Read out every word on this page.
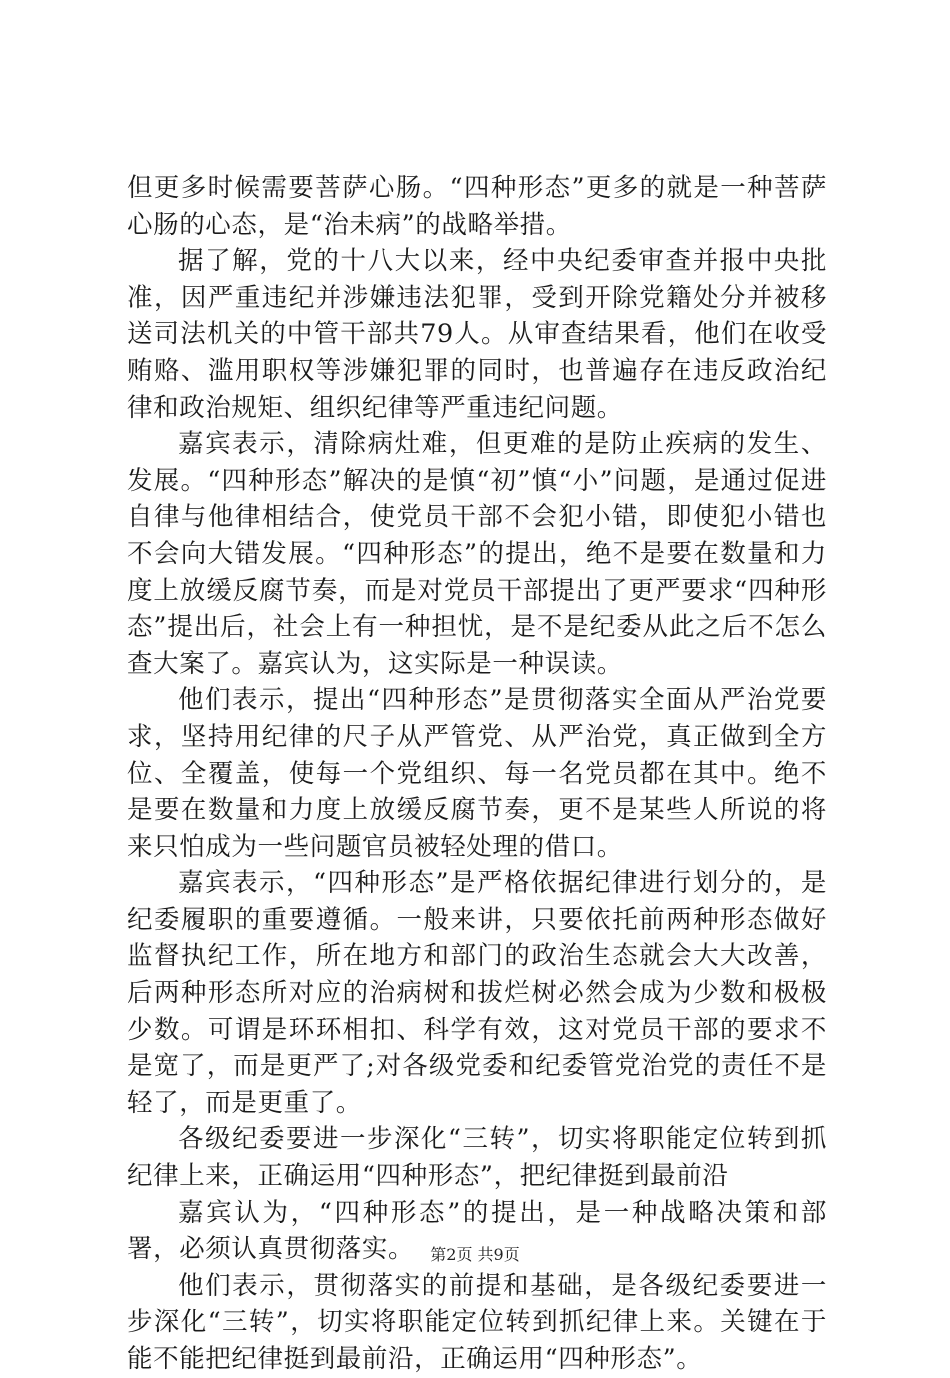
但更多时候需要菩萨心肠。“四种形态”更多的就是一种菩萨心肠的心态，是“治未病”的战略举措。

据了解，党的十八大以来，经中央纪委审查并报中央批准，因严重违纪并涉嫌违法犯罪，受到开除党籍处分并被移送司法机关的中管干部共79人。从审查结果看，他们在收受贿赂、滥用职权等涉嫌犯罪的同时，也普遍存在违反政治纪律和政治规矩、组织纪律等严重违纪问题。

嘉宾表示，清除病灶难，但更难的是防止疾病的发生、发展。“四种形态”解决的是慎“初”慎“小”问题，是通过促进自律与他律相结合，使党员干部不会犯小错，即使犯小错也不会向大错发展。“四种形态”的提出，绝不是要在数量和力度上放缓反腐节奏，而是对党员干部提出了更严要求“四种形态”提出后，社会上有一种担忧，是不是纪委从此之后不怎么查大案了。嘉宾认为，这实际是一种误读。

他们表示，提出“四种形态”是贯彻落实全面从严治党要求，坚持用纪律的尺子从严管党、从严治党，真正做到全方位、全覆盖，使每一个党组织、每一名党员都在其中。绝不是要在数量和力度上放缓反腐节奏，更不是某些人所说的将来只怕成为一些问题官员被轻处理的借口。

嘉宾表示，“四种形态”是严格依据纪律进行划分的，是纪委履职的重要遵循。一般来讲，只要依托前两种形态做好监督执纪工作，所在地方和部门的政治生态就会大大改善，后两种形态所对应的治病树和拔烂树必然会成为少数和极极少数。可谓是环环相扣、科学有效，这对党员干部的要求不是宽了，而是更严了;对各级党委和纪委管党治党的责任不是轻了，而是更重了。

各级纪委要进一步深化“三转”，切实将职能定位转到抓纪律上来，正确运用“四种形态”，把纪律挺到最前沿

嘉宾认为，“四种形态”的提出，是一种战略决策和部署，必须认真贯彻落实。

他们表示，贯彻落实的前提和基础，是各级纪委要进一步深化“三转”，切实将职能定位转到抓纪律上来。关键在于能不能把纪律挺到最前沿，正确运用“四种形态”。

第2页 共9页
